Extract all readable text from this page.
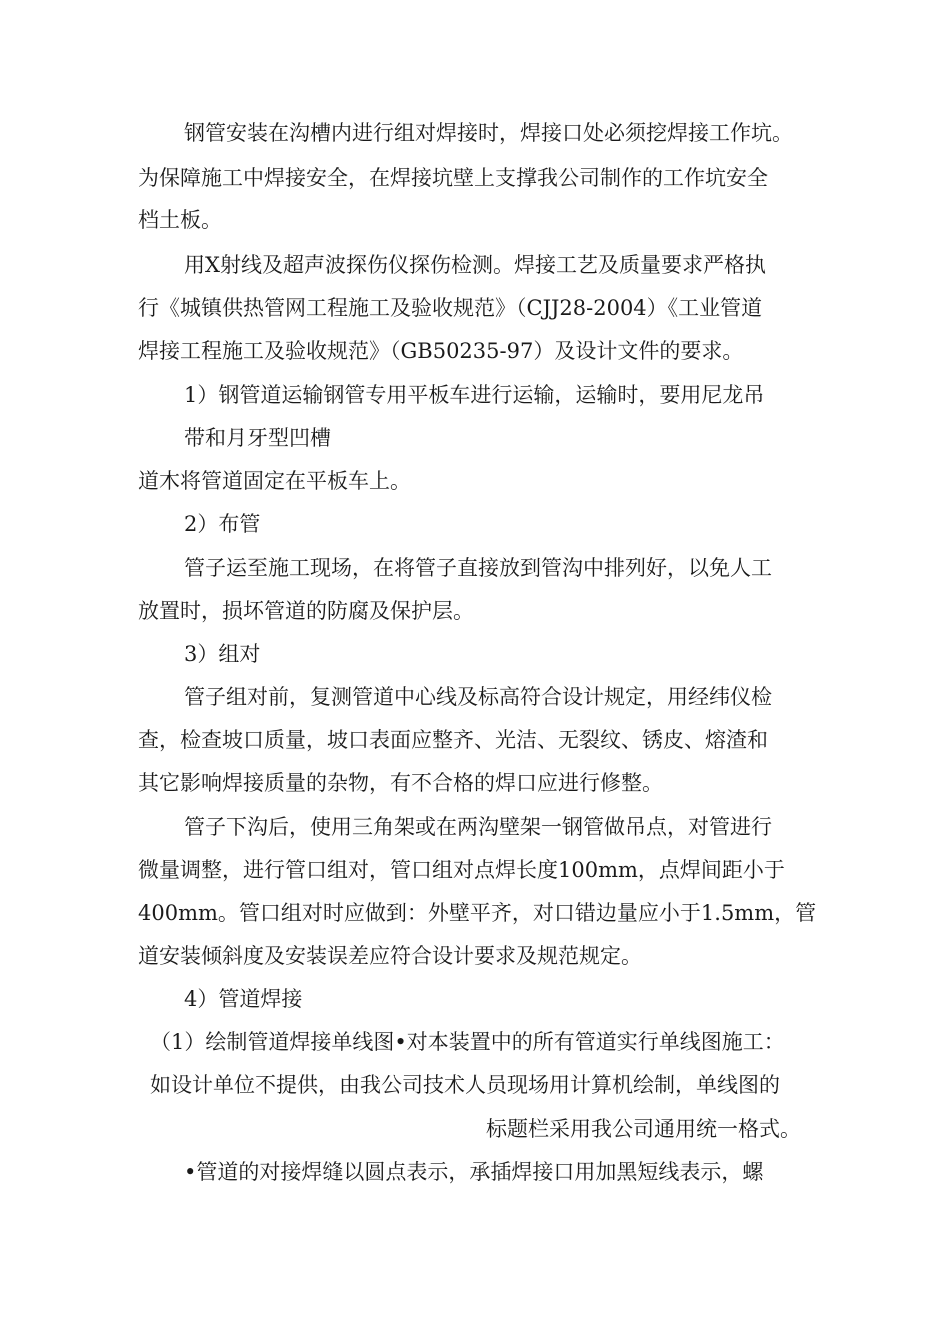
钢管安装在沟槽内进行组对焊接时，焊接口处必须挖焊接工作坑。
为保障施工中焊接安全，在焊接坑壁上支撑我公司制作的工作坑安全
档土板。
用X射线及超声波探伤仪探伤检测。焊接工艺及质量要求严格执
行《城镇供热管网工程施工及验收规范》（CJJ28-2004）《工业管道
焊接工程施工及验收规范》（GB50235-97）及设计文件的要求。
1）钢管道运输钢管专用平板车进行运输，运输时，要用尼龙吊
带和月牙型凹槽
道木将管道固定在平板车上。
2）布管
管子运至施工现场，在将管子直接放到管沟中排列好，以免人工
放置时，损坏管道的防腐及保护层。
3）组对
管子组对前，复测管道中心线及标高符合设计规定，用经纬仪检
查，检查坡口质量，坡口表面应整齐、光洁、无裂纹、锈皮、熔渣和
其它影响焊接质量的杂物，有不合格的焊口应进行修整。
管子下沟后，使用三角架或在两沟壁架一钢管做吊点，对管进行
微量调整，进行管口组对，管口组对点焊长度100mm，点焊间距小于
400mm。管口组对时应做到：外壁平齐，对口错边量应小于1.5mm，管
道安装倾斜度及安装误差应符合设计要求及规范规定。
4）管道焊接
（1）绘制管道焊接单线图•对本装置中的所有管道实行单线图施工：
如设计单位不提供，由我公司技术人员现场用计算机绘制，单线图的
标题栏采用我公司通用统一格式。
•管道的对接焊缝以圆点表示，承插焊接口用加黑短线表示，螺
